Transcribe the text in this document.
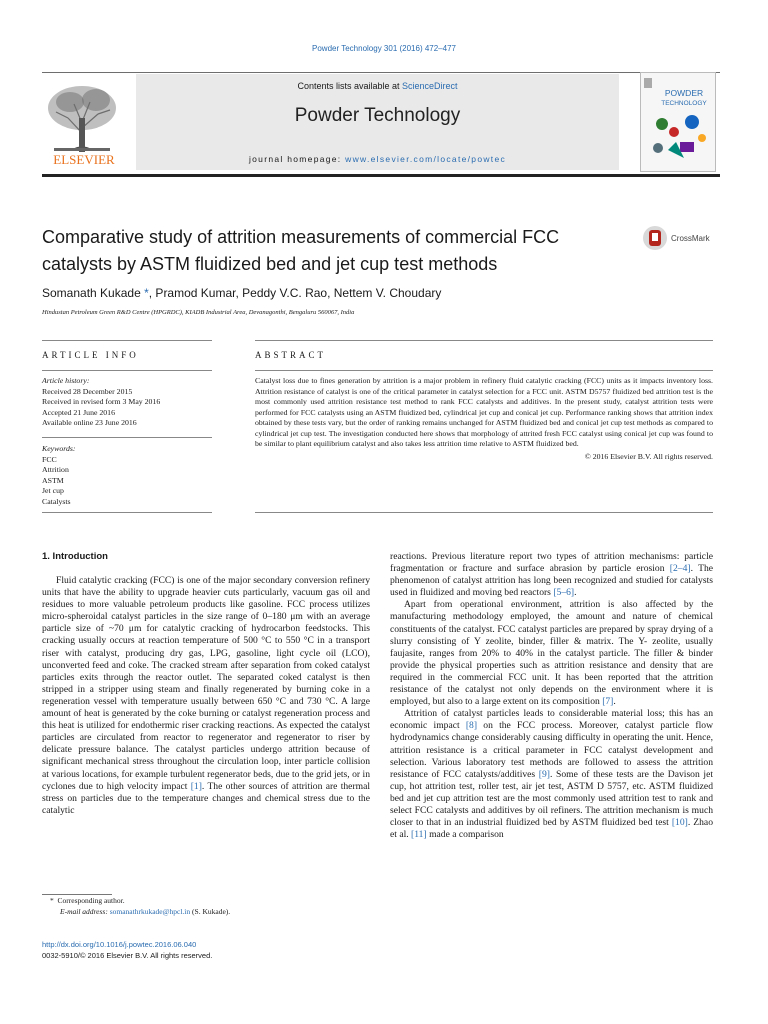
Powder Technology 301 (2016) 472–477
ELSEVIER
Contents lists available at ScienceDirect
Powder Technology
journal homepage: www.elsevier.com/locate/powtec
POWDER
TECHNOLOGY
Comparative study of attrition measurements of commercial FCC catalysts by ASTM fluidized bed and jet cup test methods
CrossMark
Somanath Kukade *, Pramod Kumar, Peddy V.C. Rao, Nettem V. Choudary
Hindustan Petroleum Green R&D Centre (HPGRDC), KIADB Industrial Area, Devanagonthi, Bengaluru 560067, India
ARTICLE INFO	ABSTRACT
Article history:
Received 28 December 2015
Received in revised form 3 May 2016
Accepted 21 June 2016
Available online 23 June 2016
Keywords:
FCC
Attrition
ASTM
Jet cup
Catalysts
Catalyst loss due to fines generation by attrition is a major problem in refinery fluid catalytic cracking (FCC) units as it impacts inventory loss. Attrition resistance of catalyst is one of the critical parameter in catalyst selection for a FCC unit. ASTM D5757 fluidized bed attrition test is the most commonly used attrition resistance test method to rank FCC catalysts and additives. In the present study, catalyst attrition tests were performed for FCC catalysts using an ASTM fluidized bed, cylindrical jet cup and conical jet cup. Performance ranking shows that attrition index obtained by these tests vary, but the order of ranking remains unchanged for ASTM fluidized bed and conical jet cup test methods as compared to cylindrical jet cup test. The investigation conducted here shows that morphology of attrited fresh FCC catalyst using conical jet cup was found to be similar to plant equilibrium catalyst and also takes less attrition time relative to ASTM fluidized bed.
© 2016 Elsevier B.V. All rights reserved.
1. Introduction

Fluid catalytic cracking (FCC) is one of the major secondary conversion refinery units that have the ability to upgrade heavier cuts particularly, vacuum gas oil and residues to more valuable petroleum products like gasoline. FCC process utilizes micro-spheroidal catalyst particles in the size range of 0–180 μm with an average particle size of ~70 μm for catalytic cracking of hydrocarbon feedstocks. This cracking usually occurs at reaction temperature of 500 °C to 550 °C in a transport riser with catalyst, producing dry gas, LPG, gasoline, light cycle oil (LCO), unconverted feed and coke. The cracked stream after separation from coked catalyst particles exits through the reactor outlet. The separated coked catalyst is then stripped in a stripper using steam and finally regenerated by burning coke in a regeneration vessel with temperature usually between 650 °C and 730 °C. A large amount of heat is generated by the coke burning or catalyst regeneration process and this heat is utilized for endothermic riser cracking reactions. As expected the catalyst particles are circulated from reactor to regenerator and regenerator to riser by delicate pressure balance. The catalyst particles undergo attrition because of significant mechanical stress throughout the circulation loop, inter particle collision at various locations, for example turbulent regenerator beds, due to the grid jets, or in cyclones due to high velocity impact [1]. The other sources of attrition are thermal stress on particles due to the temperature changes and chemical stress due to the catalytic

reactions. Previous literature report two types of attrition mechanisms: particle fragmentation or fracture and surface abrasion by particle erosion [2–4]. The phenomenon of catalyst attrition has long been recognized and studied for catalysts used in fluidized and moving bed reactors [5–6].

Apart from operational environment, attrition is also affected by the manufacturing methodology employed, the amount and nature of chemical constituents of the catalyst. FCC catalyst particles are prepared by spray drying of a slurry consisting of Y zeolite, binder, filler & matrix. The Y- zeolite, usually faujasite, ranges from 20% to 40% in the catalyst particle. The filler & binder provide the physical properties such as attrition resistance and density that are required in the commercial FCC unit. It has been reported that the attrition resistance of the catalyst not only depends on the environment where it is employed, but also to a large extent on its composition [7].

Attrition of catalyst particles leads to considerable material loss; this has an economic impact [8] on the FCC process. Moreover, catalyst particle flow hydrodynamics change considerably causing difficulty in operating the unit. Hence, attrition resistance is a critical parameter in FCC catalyst development and selection. Various laboratory test methods are followed to assess the attrition resistance of FCC catalysts/additives [9]. Some of these tests are the Davison jet cup, hot attrition test, roller test, air jet test, ASTM D 5757, etc. ASTM fluidized bed and jet cup attrition test are the most commonly used attrition test to rank and select FCC catalysts and additives by oil refiners. The attrition mechanism is much closer to that in an industrial fluidized bed by ASTM fluidized bed test [10]. Zhao et al. [11] made a comparison

* Corresponding author.
E-mail address: somanathrkukade@hpcl.in (S. Kukade).
http://dx.doi.org/10.1016/j.powtec.2016.06.040
0032-5910/© 2016 Elsevier B.V. All rights reserved.
